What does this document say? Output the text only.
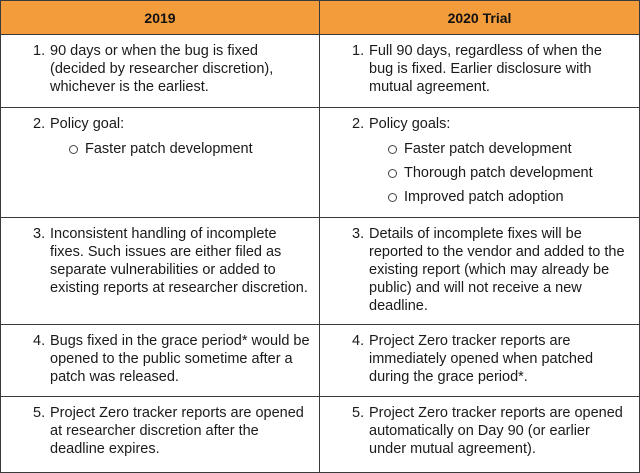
2019	2020 Trial
1. 90 days or when the bug is fixed (decided by researcher discretion), whichever is the earliest.
1. Full 90 days, regardless of when the bug is fixed. Earlier disclosure with mutual agreement.
2. Policy goal:
Faster patch development
2. Policy goals:
Faster patch development
Thorough patch development
Improved patch adoption
3. Inconsistent handling of incomplete fixes. Such issues are either filed as separate vulnerabilities or added to existing reports at researcher discretion.
3. Details of incomplete fixes will be reported to the vendor and added to the existing report (which may already be public) and will not receive a new deadline.
4. Bugs fixed in the grace period* would be opened to the public sometime after a patch was released.
4. Project Zero tracker reports are immediately opened when patched during the grace period*.
5. Project Zero tracker reports are opened at researcher discretion after the deadline expires.
5. Project Zero tracker reports are opened automatically on Day 90 (or earlier under mutual agreement).
